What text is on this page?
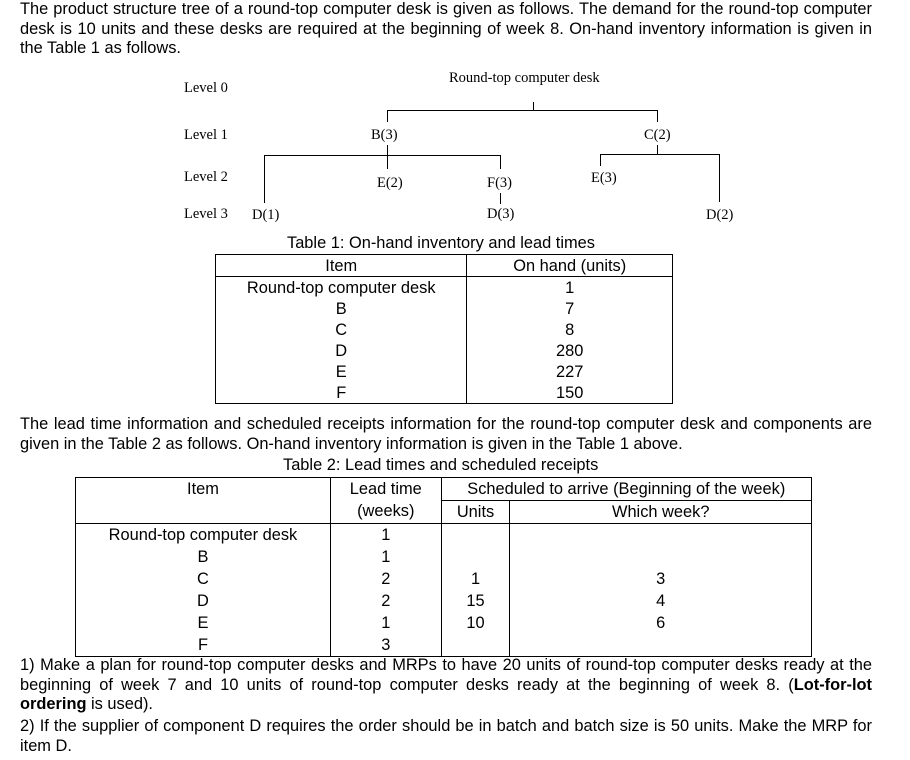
The product structure tree of a round-top computer desk is given as follows. The demand for the round-top computer desk is 10 units and these desks are required at the beginning of week 8. On-hand inventory information is given in the Table 1 as follows.
Level 0
Level 1
Level 2
Level 3
Round-top computer desk
B(3)	C(2)
D(1)
E(2)	F(3)
D(3)
E(3)
D(2)
Table 1: On-hand inventory and lead times
Item	On hand (units)
Round-top computer desk	1
B	7
C	8
D	280
E	227
F	150
The lead time information and scheduled receipts information for the round-top computer desk and components are given in the Table 2 as follows. On-hand inventory information is given in the Table 1 above.
Table 2: Lead times and scheduled receipts
Item	Lead time	Scheduled to arrive (Beginning of the week)	
	(weeks)	Units	Which week?
Round-top computer desk	1		
B	1		
C	2	1	3
D	2	15	4
E	1	10	6
F	3		
1) Make a plan for round-top computer desks and MRPs to have 20 units of round-top computer desks ready at the beginning of week 7 and 10 units of round-top computer desks ready at the beginning of week 8. (Lot-for-lot ordering is used).
2) If the supplier of component D requires the order should be in batch and batch size is 50 units. Make the MRP for item D.
